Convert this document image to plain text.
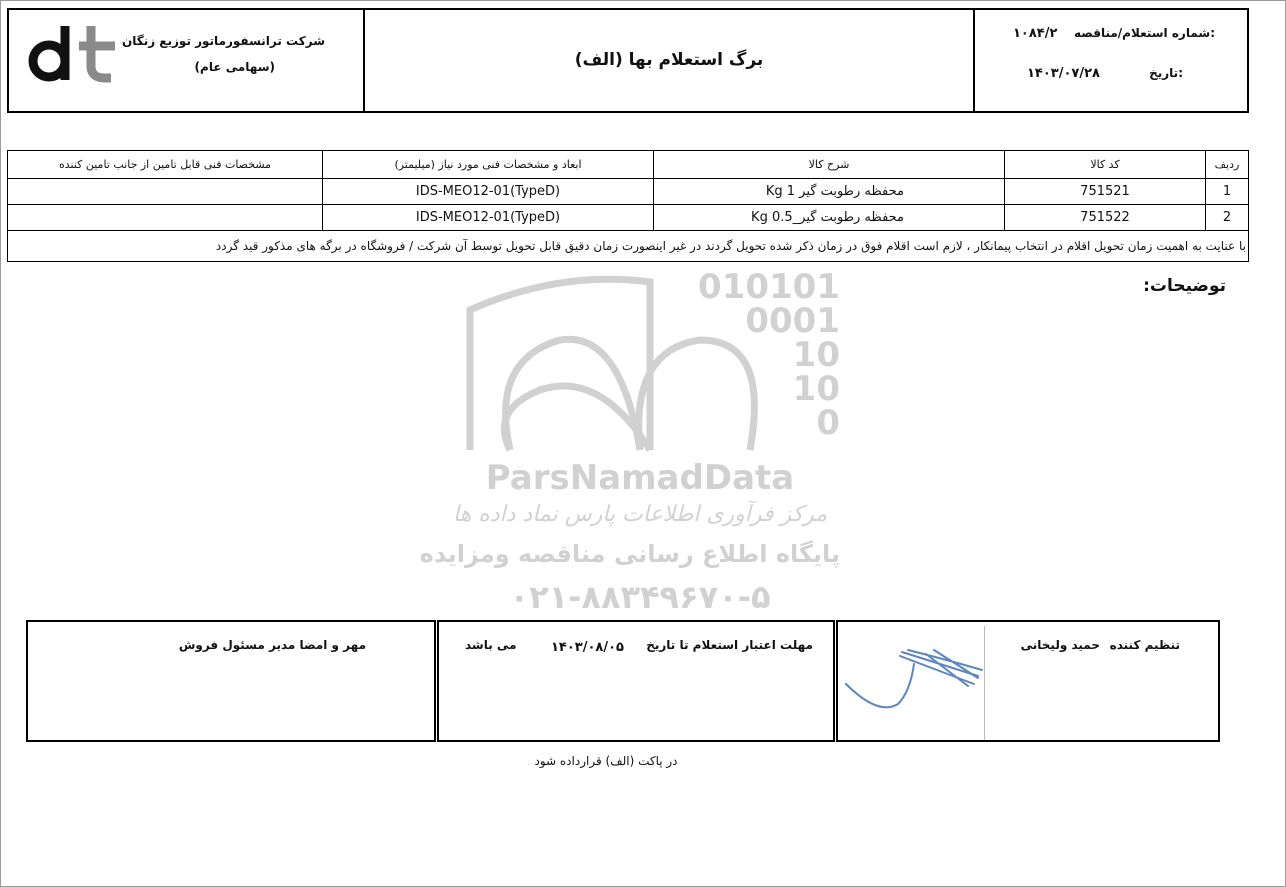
شماره استعلام/مناقصه:
۱۰۸۴/۲
تاریخ:
۱۴۰۳/۰۷/۲۸
برگ استعلام بها (الف)
شرکت ترانسفورماتور توزیع زنگان
(سهامی عام)
ردیف	کد کالا	شرح کالا	ابعاد و مشخصات فنی مورد نیاز (میلیمتر)	مشخصات فنی قابل تامین از جانب تامین کننده
1	751521	محفظه رطوبت گیر 1 Kg	IDS-MEO12-01(TypeD)	
2	751522	محفظه رطوبت گیر_0.5 Kg	IDS-MEO12-01(TypeD)	
با عنایت به اهمیت زمان تحویل اقلام در انتخاب پیمانکار ، لازم است اقلام فوق در زمان ذکر شده تحویل گردند در غیر اینصورت زمان دقیق قابل تحویل توسط آن شرکت / فروشگاه در برگه های مذکور قید گردد				
توضیحات:
010101
0001
10
10
0
ParsNamadData
مرکز فرآوری اطلاعات پارس نماد داده ها
پایگاه اطلاع رسانی مناقصه ومزایده
۰۲۱-۸۸۳۴۹۶۷۰-۵
تنظیم کننده
حمید ولیخانی
مهلت اعتبار استعلام تا تاریخ
۱۴۰۳/۰۸/۰۵
می باشد
مهر و امضا مدیر مسئول فروش
در پاکت (الف) قرارداده شود
